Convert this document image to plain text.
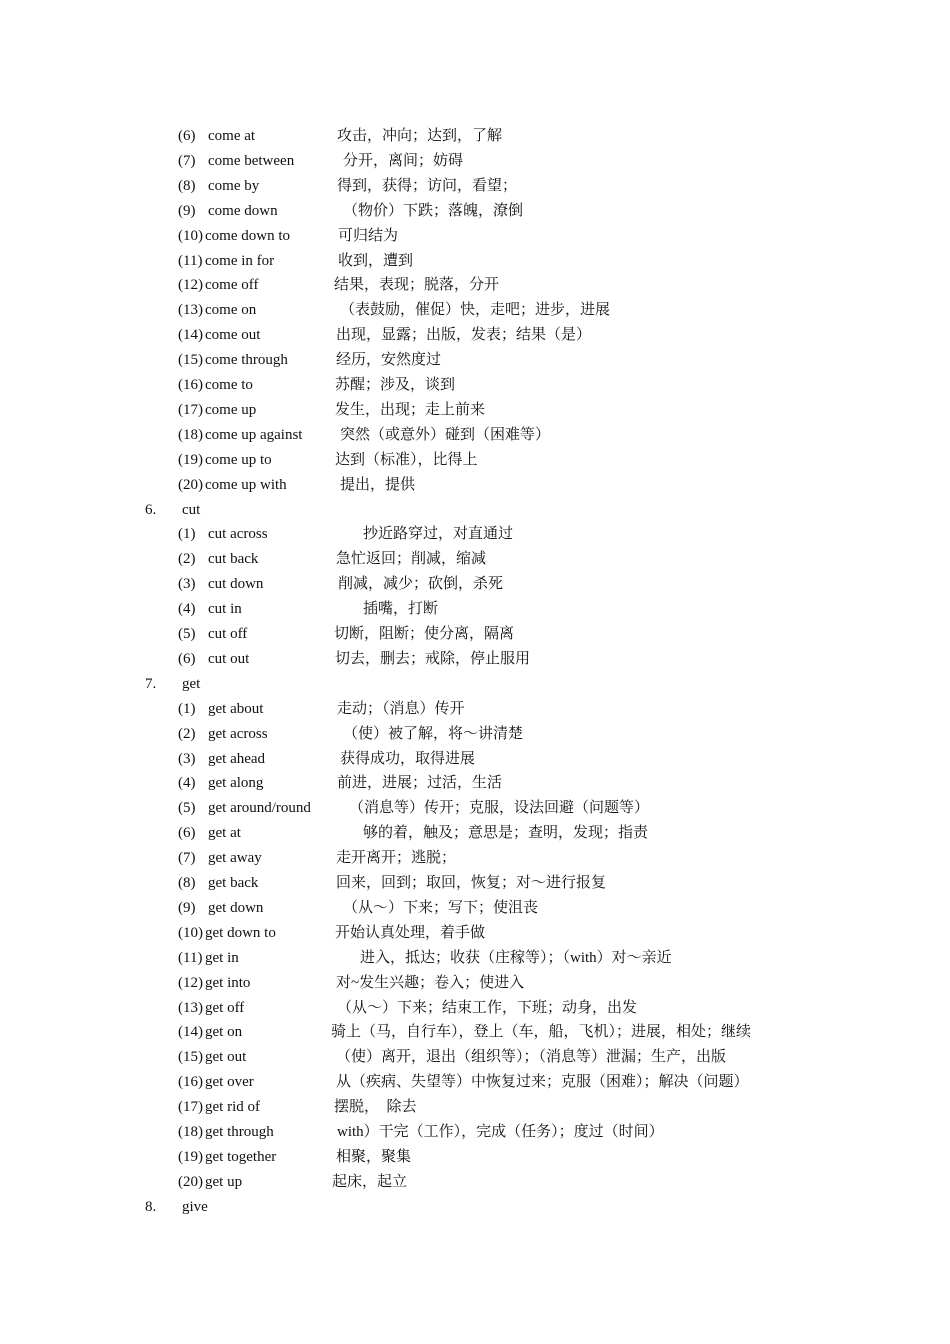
(6) come at	攻击，冲向；达到，了解
(7) come between	分开，离间；妨碍
(8) come by	得到，获得；访问，看望；
(9) come down	（物价）下跌；落魄，潦倒
(10) come down to	可归结为
(11) come in for	收到，遭到
(12) come off	结果，表现；脱落，分开
(13) come on	（表鼓励，催促）快，走吧；进步，进展
(14) come out	出现，显露；出版，发表；结果（是）
(15) come through	经历，安然度过
(16) come to	苏醒；涉及，谈到
(17) come up	发生，出现；走上前来
(18) come up against	突然（或意外）碰到（困难等）
(19) come up to	达到（标准），比得上
(20) come up with	提出，提供
6. cut
(1) cut across	抄近路穿过，对直通过
(2) cut back	急忙返回；削减，缩减
(3) cut down	削减，减少；砍倒，杀死
(4) cut in	插嘴，打断
(5) cut off	切断，阻断；使分离，隔离
(6) cut out	切去，删去；戒除，停止服用
7. get
(1) get about	走动；（消息）传开
(2) get across	（使）被了解，将～讲清楚
(3) get ahead	获得成功，取得进展
(4) get along	前进，进展；过活，生活
(5) get around/round	（消息等）传开；克服，设法回避（问题等）
(6) get at	够的着，触及；意思是；查明，发现；指责
(7) get away	走开离开；逃脱；
(8) get back	回来，回到；取回，恢复；对～进行报复
(9) get down	（从～）下来；写下；使沮丧
(10) get down to	开始认真处理，着手做
(11) get in	进入，抵达；收获（庄稼等）；（with）对～亲近
(12) get into	对~发生兴趣；卷入；使进入
(13) get off	（从～）下来；结束工作，下班；动身，出发
(14) get on	骑上（马，自行车），登上（车，船，飞机）；进展，相处；继续
(15) get out	（使）离开，退出（组织等）；（消息等）泄漏；生产，出版
(16) get over	从（疾病、失望等）中恢复过来；克服（困难）；解决（问题）
(17) get rid of	摆脱，　除去
(18) get through	with）干完（工作），完成（任务）；度过（时间）
(19) get together	相聚，聚集
(20) get up	起床，起立
8. give
